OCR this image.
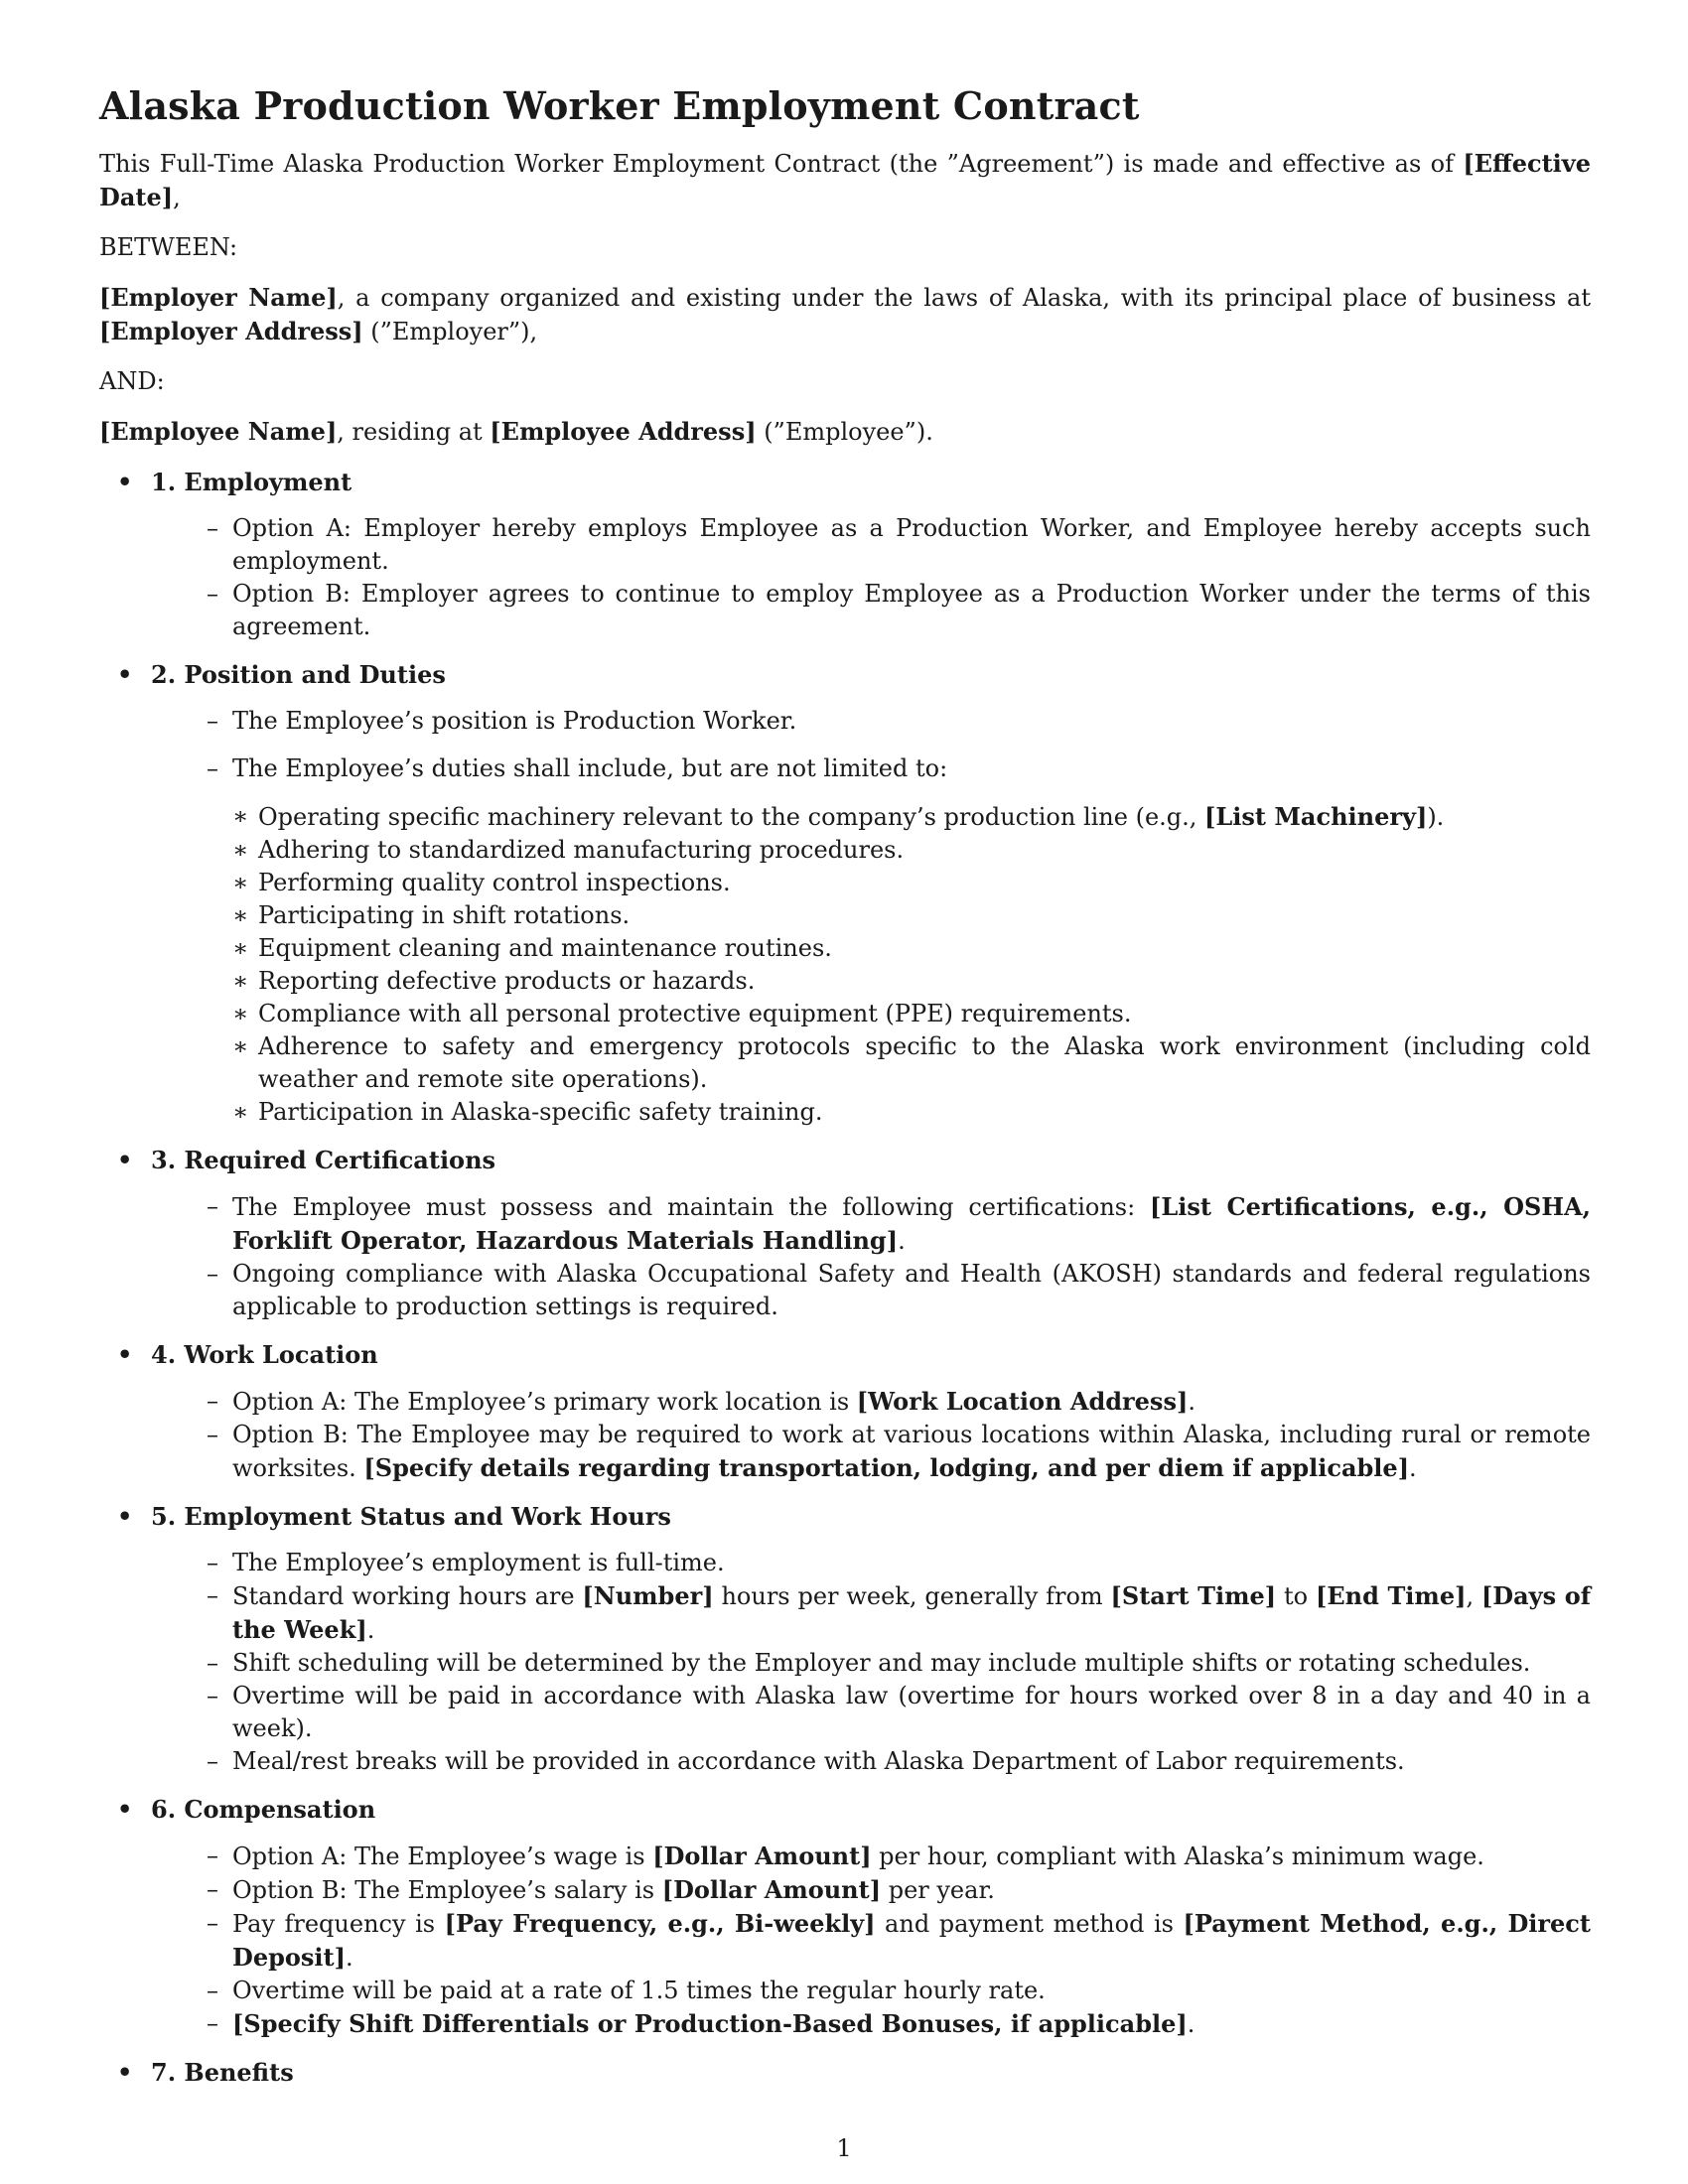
Alaska Production Worker Employment Contract

This Full-Time Alaska Production Worker Employment Contract (the ”Agreement”) is made and effective as of [Effective Date],

BETWEEN:

[Employer Name], a company organized and existing under the laws of Alaska, with its principal place of business at [Employer Address] (”Employer”),

AND:

[Employee Name], residing at [Employee Address] (”Employee”).

• 1. Employment
– Option A: Employer hereby employs Employee as a Production Worker, and Employee hereby accepts such employment.
– Option B: Employer agrees to continue to employ Employee as a Production Worker under the terms of this agreement.
• 2. Position and Duties
– The Employee’s position is Production Worker.
– The Employee’s duties shall include, but are not limited to:
∗ Operating specific machinery relevant to the company’s production line (e.g., [List Machinery]).
∗ Adhering to standardized manufacturing procedures.
∗ Performing quality control inspections.
∗ Participating in shift rotations.
∗ Equipment cleaning and maintenance routines.
∗ Reporting defective products or hazards.
∗ Compliance with all personal protective equipment (PPE) requirements.
∗ Adherence to safety and emergency protocols specific to the Alaska work environment (including cold weather and remote site operations).
∗ Participation in Alaska-specific safety training.
• 3. Required Certifications
– The Employee must possess and maintain the following certifications: [List Certifications, e.g., OSHA, Forklift Operator, Hazardous Materials Handling].
– Ongoing compliance with Alaska Occupational Safety and Health (AKOSH) standards and federal regulations applicable to production settings is required.
• 4. Work Location
– Option A: The Employee’s primary work location is [Work Location Address].
– Option B: The Employee may be required to work at various locations within Alaska, including rural or remote worksites. [Specify details regarding transportation, lodging, and per diem if applicable].
• 5. Employment Status and Work Hours
– The Employee’s employment is full-time.
– Standard working hours are [Number] hours per week, generally from [Start Time] to [End Time], [Days of the Week].
– Shift scheduling will be determined by the Employer and may include multiple shifts or rotating schedules.
– Overtime will be paid in accordance with Alaska law (overtime for hours worked over 8 in a day and 40 in a week).
– Meal/rest breaks will be provided in accordance with Alaska Department of Labor requirements.
• 6. Compensation
– Option A: The Employee’s wage is [Dollar Amount] per hour, compliant with Alaska’s minimum wage.
– Option B: The Employee’s salary is [Dollar Amount] per year.
– Pay frequency is [Pay Frequency, e.g., Bi-weekly] and payment method is [Payment Method, e.g., Direct Deposit].
– Overtime will be paid at a rate of 1.5 times the regular hourly rate.
– [Specify Shift Differentials or Production-Based Bonuses, if applicable].
• 7. Benefits
1
